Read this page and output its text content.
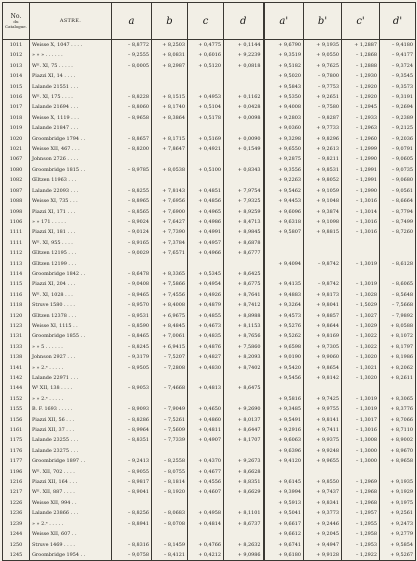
No.
du
Catalogue.	ASTRE.	a	b	c	d	a'	b'	c'	d'
1011	Weisse X, 1047 . . . .	– 8,8772	+ 8,2503	+ 0,4775	+ 0,1144	+ 9,6790	+ 9,1935	+ 1,2887	– 9,4180
1012	» » » . . . . . .	– 9,2555	+ 8,0831	+ 0,6016	+ 9,2239	+ 9,3519	+ 9,0550	– 1,2868	– 9,4177
1013	Wᴵᴵ. XI, 75 . . . . .	– 8,0005	+ 8,2987	+ 0,5120	+ 0,0818	+ 9,5182	+ 9,7625	– 1,2888	– 9,3724
1014	Piazzi XI, 14 . . . .					+ 9,5020	– 9,7800	– 1,2930	– 9,3545
1015	Lalande 21551 . . .					+ 9,5843	– 9,7753	– 1,2920	– 9,3573
1016	Wᴵᴵ. XI, 175 . . . .	– 8,8228	+ 8,1515	+ 0,4953	+ 0,1162	+ 9,5350	+ 9,2651	– 1,2920	– 9,3191
1017	Lalande 21694 . . .	– 8,8060	+ 8,1740	+ 0,5104	+ 0,0428	+ 9,4008	– 9,7580	– 1,2945	– 9,2694
1018	Weisse X, 1119 . . .	– 8,9658	+ 8,3864	+ 0,5178	+ 0,0098	+ 9,2803	– 9,8287	– 1,2933	– 9,2389
1019	Lalande 21847 . . .					+ 9,0360	+ 9,7733	– 1,2963	– 9,2125
1020	Groombridge 1794 . .	– 8,8657	+ 8,1715	+ 0,5169	+ 0,0090	+ 9,3298	+ 9,8296	– 1,2960	– 9,2036
1021	Weisse XII, 467 . . .	– 8,8200	+ 7,8647	+ 0,4921	+ 0,1549	+ 9,6550	+ 9,2613	– 1,2999	– 9,0791
1067	Johnson 2726 . . . .					+ 9,2875	– 9,8211	– 1,2990	– 9,0605
1080	Groombridge 1815 . .	– 8,9785	+ 8,0538	+ 0,5100	+ 0,8343	+ 9,3556	+ 9,8531	– 1,2991	– 9,0735
1082	Œltzen 11963 . . .					+ 9,2263	+ 9,8052	– 1,2991	– 9,0680
1087	Lalande 22093 . . .	– 8,8255	+ 7,8143	+ 0,4851	+ 7,9754	+ 9,5462	+ 9,1059	– 1,2990	– 9,0561
1088	Weisse XI, 735 . . .	– 8,8965	+ 7,6956	+ 0,4856	+ 7,9325	+ 9,4453	+ 9,1048	– 1,3016	– 8,6664
1098	Piazzi XI, 171 . . .	– 8,8565	+ 7,6900	+ 0,4965	+ 8,9259	+ 9,6096	+ 9,3874	– 1,3014	– 8,7794
1106	» » 171 . . . . .	– 8,9024	+ 7,6427	+ 0,4986	+ 8,4713	+ 9,6318	+ 9,1098	– 1,3016	– 8,7499
1111	Piazzi XI, 181 . . .	– 9,0124	+ 7,7390	+ 0,4991	+ 8,9845	+ 9,5807	+ 9,8815	– 1,3016	– 8,7260
1111	Wᴵᴵ. XI, 955 . . . .	– 8,9165	+ 7,3784	+ 0,4957	+ 8,6878				
1112	Œltzen 12195 . . .	– 9,0029	+ 7,6571	+ 0,4966	+ 8,6777				
1113	Œltzen 12199 . . .					+ 9,4094	– 9,8742	– 1,3019	– 8,6128
1114	Groombridge 1842 . .	– 8,6478	+ 8,3365	+ 0,5345	+ 8,6425				
1115	Piazzi XI, 204 . . .	– 9,0408	+ 7,5866	+ 0,4954	+ 8,6775	+ 9,4135	– 9,8742	– 1,3019	– 8,6065
1116	Wᴵᴵ. XI, 1028 . . .	– 8,9465	+ 7,4556	+ 0,4926	+ 8,7641	+ 9,4883	+ 9,8173	– 1,3028	– 8,5648
1118	Struve 1580 . . . .	– 8,9570	+ 8,4008	+ 0,4879	+ 8,7412	+ 9,3264	+ 9,8041	– 1,5029	– 7,5668
1120	Œltzen 12378 . . .	– 8,9531	+ 6,9675	+ 0,4855	+ 8,8988	+ 9,4573	+ 9,8857	– 1,3027	– 7,9892
1123	Weisse XI, 1115 . .	– 8,8590	+ 8,4845	+ 0,4673	+ 8,1153	+ 9,5276	+ 9,8644	– 1,3029	+ 8,0588
1131	Groombridge 1855 . .	– 8,8465	+ 7,0061	+ 0,4835	+ 8,7656	+ 9,5262	+ 9,8169	– 1,3022	+ 8,1072
1133	» » 5 . . . . . .	– 8,8245	+ 6,9415	+ 0,4876	+ 7,5860	+ 9,6598	+ 9,7305	– 1,3022	+ 8,1797
1138	Johnson 2927 . . .	– 9,3179	– 7,5207	+ 0,4827	+ 8,2093	+ 9,0190	+ 9,9060	– 1,3020	+ 8,1986
1141	» » 2.ᵉ . . . . .	– 8,9505	– 7,2808	+ 0,4830	+ 8,7402	+ 9,5420	+ 9,8654	– 1,3021	+ 8,2062
1142	Lalande 22971 . . .					+ 9,5456	+ 9,8142	– 1,3020	+ 8,2611
1144	Wᴵ XII, 138 . . . .	– 8,9053	– 7,4668	+ 0,4813	+ 8,6475				
1152	» » 2.ᵉ . . . . .					+ 9,5816	+ 9,7425	– 1,3019	+ 8,3065
1155	B. F. 1693 . . . . .	– 8,9093	– 7,9049	+ 0,4650	+ 9,2690	+ 9,3485	+ 9,9755	– 1,3019	+ 8,3776
1156	Piazzi XII, 56 . . .	– 8,8286	– 7,5261	+ 0,4860	+ 8,0137	+ 9,5491	+ 9,8141	– 1,3017	+ 8,7066
1161	Piazzi XII, 37 . . .	– 8,9964	– 7,5609	+ 0,4811	+ 8,6447	+ 9,2916	+ 9,7411	– 1,3016	+ 8,7110
1175	Lalande 23255 . . .	– 8,8351	– 7,7339	+ 0,4907	+ 8,1707	+ 9,6063	+ 9,9375	– 1,3008	+ 8,9002
1176	Lalande 23275 . . .					+ 9,6396	+ 9,9248	– 1,3000	+ 8,9670
1177	Groombridge 1897 . .	– 9,2413	– 8,2558	+ 0,4370	+ 9,2673	+ 9,4120	+ 9,9655	– 1,3000	+ 8,9658
1196	Wᴵᴵ. XII, 702 . . . .	– 8,9055	– 8,0755	+ 0,4677	+ 8,6628				
1216	Piazzi XII, 164 . . .	– 8,9817	– 8,1814	+ 0,4556	+ 8,8351	+ 9,6145	+ 9,8550	– 1,2969	+ 9,1935
1217	Wᴵᴵ. XII, 887 . . . .	– 8,9041	– 8,1920	+ 0,4607	+ 8,6629	+ 9,3994	+ 9,7437	– 1,2968	+ 9,1929
1226	Weisse XII, 994 . .					+ 9,5913	+ 9,8341	– 1,2968	+ 9,1975
1236	Lalande 23866 . . .	– 8,8256	– 8,0683	+ 0,4958	+ 8,1101	+ 9,5041	+ 9,3773	– 1,2957	+ 9,2561
1239	» » 2.ᵉ . . . . .	– 8,8941	– 8,0708	+ 0,4814	+ 8,6737	+ 9,6617	+ 9,2446	– 1,2955	+ 9,2473
1244	Weisse XII, 607 . .					+ 9,6612	+ 9,2045	– 1,2958	+ 9,2779
1250	Struve 1469 . . . .	– 8,8316	– 8,1459	+ 0,4766	+ 8,2632	+ 9,6741	+ 9,4947	– 1,2953	+ 9,5854
1245	Groombridge 1954 . .	– 9,0758	– 8,4121	+ 0,4212	+ 9,0986	+ 9,6180	+ 9,9128	– 1,2922	+ 9,5267
